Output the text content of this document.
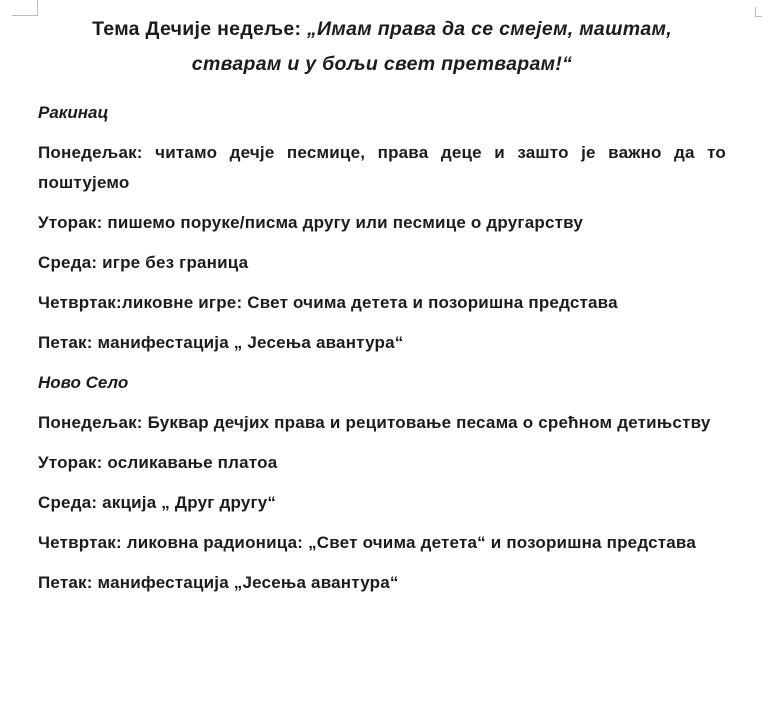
Тема Дечије недеље: „Имам права да се смејем, маштам,
стварам и у бољи свет претварам!“

Ракинац

Понедељак: читамо дечје песмице, права деце и зашто је важно да то поштујемо

Уторак: пишемо поруке/писма другу или песмице о другарству

Среда: игре без граница

Четвртак:ликовне игре: Свет очима детета и позоришна представа

Петак: манифестација „ Јесења авантура“

Ново Село

Понедељак: Буквар дечјих права и рецитовање песама о срећном детињству

Уторак: осликавање платоа

Среда: акција „ Друг другу“

Четвртак: ликовна радионица: „Свет очима детета“ и позоришна представа

Петак: манифестација „Јесења авантура“
